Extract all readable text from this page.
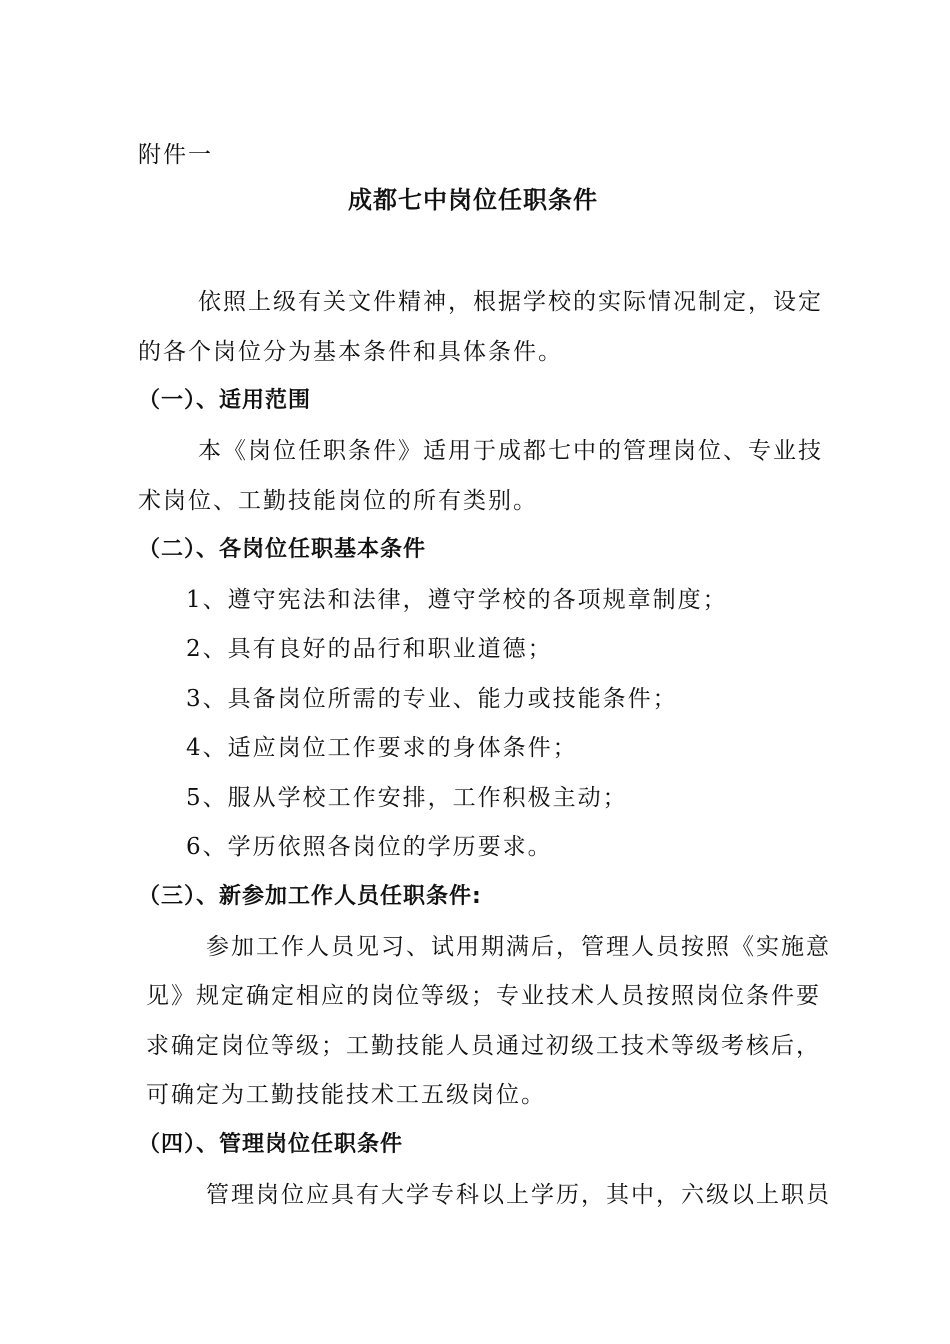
附件一
成都七中岗位任职条件
依照上级有关文件精神，根据学校的实际情况制定，设定
的各个岗位分为基本条件和具体条件。
（一）、适用范围
本《岗位任职条件》适用于成都七中的管理岗位、专业技
术岗位、工勤技能岗位的所有类别。
（二）、各岗位任职基本条件
1、遵守宪法和法律，遵守学校的各项规章制度；
2、具有良好的品行和职业道德；
3、具备岗位所需的专业、能力或技能条件；
4、适应岗位工作要求的身体条件；
5、服从学校工作安排，工作积极主动；
6、学历依照各岗位的学历要求。
（三）、新参加工作人员任职条件:
参加工作人员见习、试用期满后，管理人员按照《实施意
见》规定确定相应的岗位等级；专业技术人员按照岗位条件要
求确定岗位等级；工勤技能人员通过初级工技术等级考核后，
可确定为工勤技能技术工五级岗位。
（四）、管理岗位任职条件
管理岗位应具有大学专科以上学历，其中，六级以上职员
